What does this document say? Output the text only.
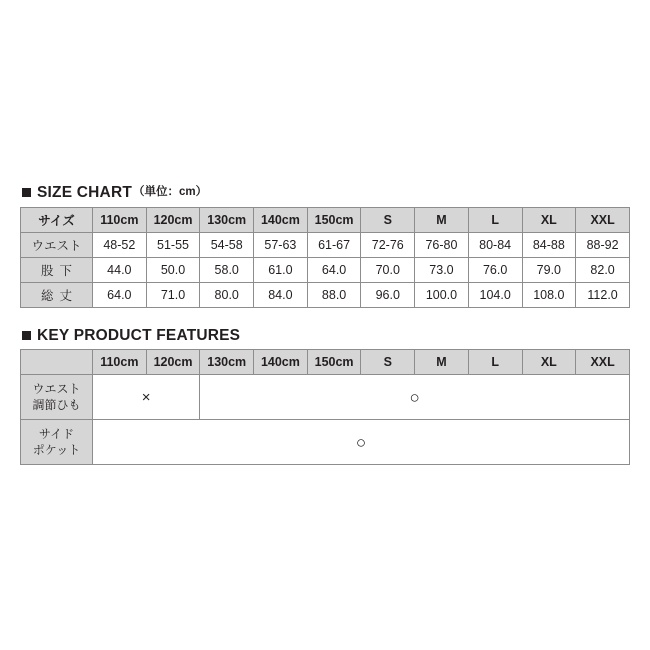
SIZE CHART （単位：cm）
サイズ	110cm	120cm	130cm	140cm	150cm	S	M	L	XL	XXL
ウエスト	48-52	51-55	54-58	57-63	61-67	72-76	76-80	80-84	84-88	88-92
股下	44.0	50.0	58.0	61.0	64.0	70.0	73.0	76.0	79.0	82.0
総丈	64.0	71.0	80.0	84.0	88.0	96.0	100.0	104.0	108.0	112.0
KEY PRODUCT FEATURES
	110cm	120cm	130cm	140cm	150cm	S	M	L	XL	XXL

ウエスト
調節ひも	×		○							

サイド
ポケット	○									
